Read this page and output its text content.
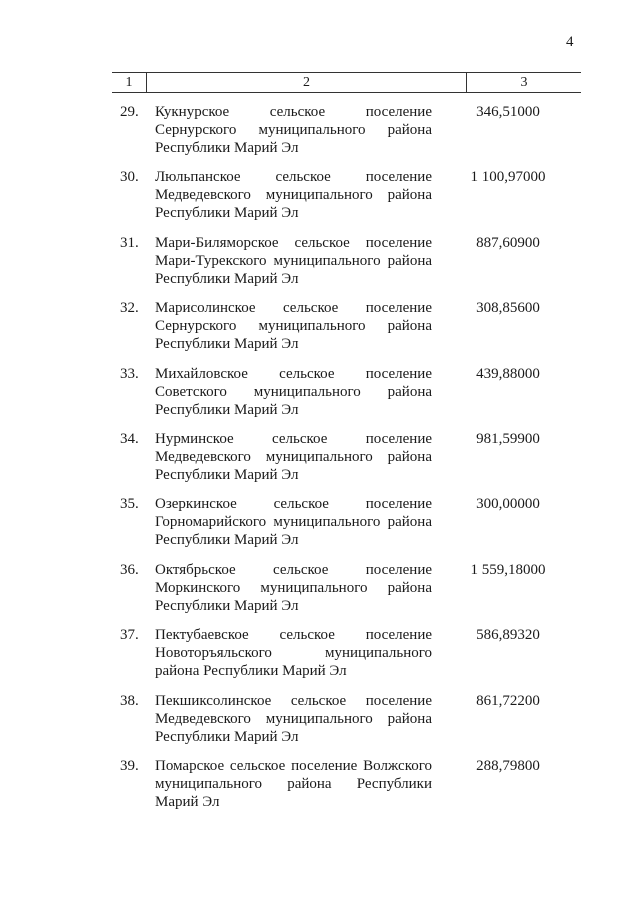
4
1	2	3
29. Кукнурское сельское поселение
Сернурского муниципального района
Республики Марий Эл
346,51000
30. Люльпанское сельское поселение
Медведевского муниципального района
Республики Марий Эл
1 100,97000
31. Мари-Биляморское сельское поселение
Мари-Турекского муниципального района
Республики Марий Эл
887,60900
32. Марисолинское сельское поселение
Сернурского муниципального района
Республики Марий Эл
308,85600
33. Михайловское сельское поселение
Советского муниципального района
Республики Марий Эл
439,88000
34. Нурминское сельское поселение
Медведевского муниципального района
Республики Марий Эл
981,59900
35. Озеркинское сельское поселение
Горномарийского муниципального района
Республики Марий Эл
300,00000
36. Октябрьское сельское поселение
Моркинского муниципального района
Республики Марий Эл
1 559,18000
37. Пектубаевское сельское поселение
Новоторъяльского муниципального
района Республики Марий Эл
586,89320
38. Пекшиксолинское сельское поселение
Медведевского муниципального района
Республики Марий Эл
861,72200
39. Помарское сельское поселение Волжского
муниципального района Республики
Марий Эл
288,79800
